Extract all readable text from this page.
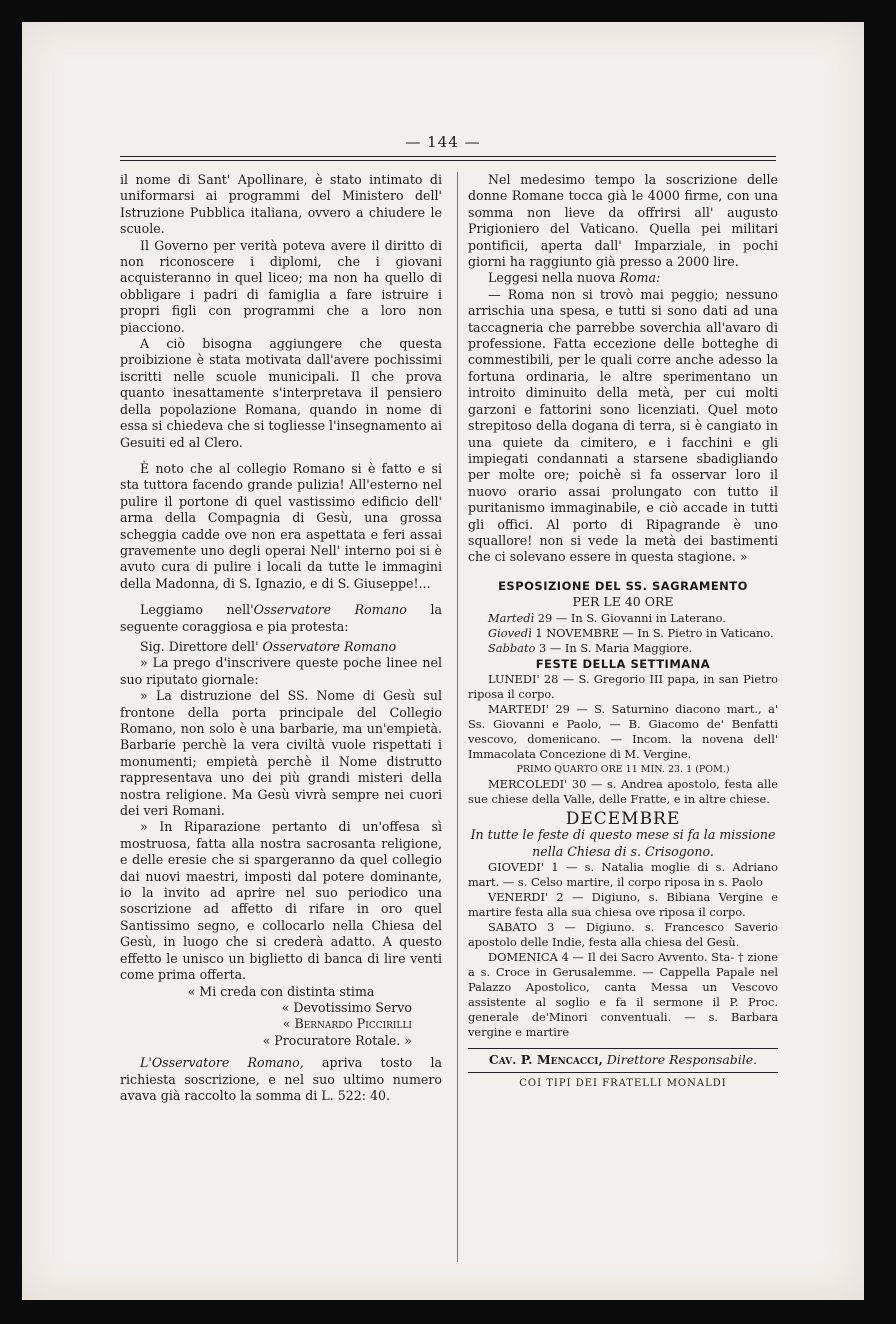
— 144 —

il nome di Sant' Apollinare, è stato intimato di uniformarsi ai programmi del Ministero dell' Istruzione Pubblica italiana, ovvero a chiudere le scuole.

Il Governo per verità poteva avere il diritto di non riconoscere i diplomi, che i giovani acquisteranno in quel liceo; ma non ha quello di obbligare i padri di famiglia a fare istruire i propri figli con programmi che a loro non piacciono.

A ciò bisogna aggiungere che questa proibizione è stata motivata dall'avere pochissimi iscritti nelle scuole municipali. Il che prova quanto inesattamente s'interpretava il pensiero della popolazione Romana, quando in nome di essa si chiedeva che si togliesse l'insegnamento ai Gesuiti ed al Clero.

È noto che al collegio Romano si è fatto e si sta tuttora facendo grande pulizia! All'esterno nel pulire il portone di quel vastissimo edificio dell' arma della Compagnia di Gesù, una grossa scheggia cadde ove non era aspettata e feri assai gravemente uno degli operai Nell' interno poi si è avuto cura di pulire i locali da tutte le immagini della Madonna, di S. Ignazio, e di S. Giuseppe!...

Leggiamo nell'Osservatore Romano la seguente coraggiosa e pia protesta:

Sig. Direttore dell' Osservatore Romano

» La prego d'inscrivere queste poche linee nel suo riputato giornale:

» La distruzione del SS. Nome di Gesù sul frontone della porta principale del Collegio Romano, non solo è una barbarie, ma un'empietà. Barbarie perchè la vera civiltà vuole rispettati i monumenti; empietà perchè il Nome distrutto rappresentava uno dei più grandi misteri della nostra religione. Ma Gesù vivrà sempre nei cuori dei veri Romani.

» In Riparazione pertanto di un'offesa sì mostruosa, fatta alla nostra sacrosanta religione, e delle eresie che si spargeranno da quel collegio dai nuovi maestri, imposti dal potere dominante, io la invito ad aprire nel suo periodico una soscrizione ad affetto di rifare in oro quel Santissimo segno, e collocarlo nella Chiesa del Gesù, in luogo che si crederà adatto. A questo effetto le unisco un biglietto di banca di lire venti come prima offerta.

« Mi creda con distinta stima

« Devotissimo Servo

« Bernardo Piccirilli

« Procuratore Rotale. »

L'Osservatore Romano, apriva tosto la richiesta soscrizione, e nel suo ultimo numero avava già raccolto la somma di L. 522: 40.

Nel medesimo tempo la soscrizione delle donne Romane tocca già le 4000 firme, con una somma non lieve da offrirsi all' augusto Prigioniero del Vaticano. Quella pei militari pontificii, aperta dall' Imparziale, in pochi giorni ha raggiunto già presso a 2000 lire.

Leggesi nella nuova Roma:

— Roma non si trovò mai peggio; nessuno arrischia una spesa, e tutti si sono dati ad una taccagneria che parrebbe soverchia all'avaro di professione. Fatta eccezione delle botteghe di commestibili, per le quali corre anche adesso la fortuna ordinaria, le altre sperimentano un introito diminuito della metà, per cui molti garzoni e fattorini sono licenziati. Quel moto strepitoso della dogana di terra, si è cangiato in una quiete da cimitero, e i facchini e gli impiegati condannati a starsene sbadigliando per molte ore; poichè si fa osservar loro il nuovo orario assai prolungato con tutto il puritanismo immaginabile, e ciò accade in tutti gli offici. Al porto di Ripagrande è uno squallore! non si vede la metà dei bastimenti che ci solevano essere in questa stagione. »

ESPOSIZIONE DEL SS. SAGRAMENTO
PER LE 40 ORE

Martedì 29 — In S. Giovanni in Laterano.

Giovedì 1 NOVEMBRE — In S. Pietro in Vaticano.

Sabbato 3 — In S. Maria Maggiore.

FESTE DELLA SETTIMANA

LUNEDI' 28 — S. Gregorio III papa, in san Pietro riposa il corpo.

MARTEDI' 29 — S. Saturnino diacono mart., a' Ss. Giovanni e Paolo, — B. Giacomo de' Benfatti vescovo, domenicano. — Incom. la novena dell' Immacolata Concezione di M. Vergine.

PRIMO QUARTO ORE 11 MIN. 23. 1 (POM.)

MERCOLEDI' 30 — s. Andrea apostolo, festa alle sue chiese della Valle, delle Fratte, e in altre chiese.

DECEMBRE

In tutte le feste di questo mese si fa la missione

nella Chiesa di s. Crisogono.

GIOVEDI' 1 — s. Natalia moglie di s. Adriano mart. — s. Celso martire, il corpo riposa in s. Paolo

VENERDI' 2 — Digiuno, s. Bibiana Vergine e martire festa alla sua chiesa ove riposa il corpo.

SABATO 3 — Digiuno. s. Francesco Saverio apostolo delle Indie, festa alla chiesa del Gesù.

DOMENICA 4 — Il dei Sacro Avvento. Sta- † zione a s. Croce in Gerusalemme. — Cappella Papale nel Palazzo Apostolico, canta Messa un Vescovo assistente al soglio e fa il sermone il P. Proc. generale de'Minori conventuali. — s. Barbara vergine e martire

Cav. P. Mencacci, Direttore Responsabile.
COI TIPI DEI FRATELLI MONALDI
